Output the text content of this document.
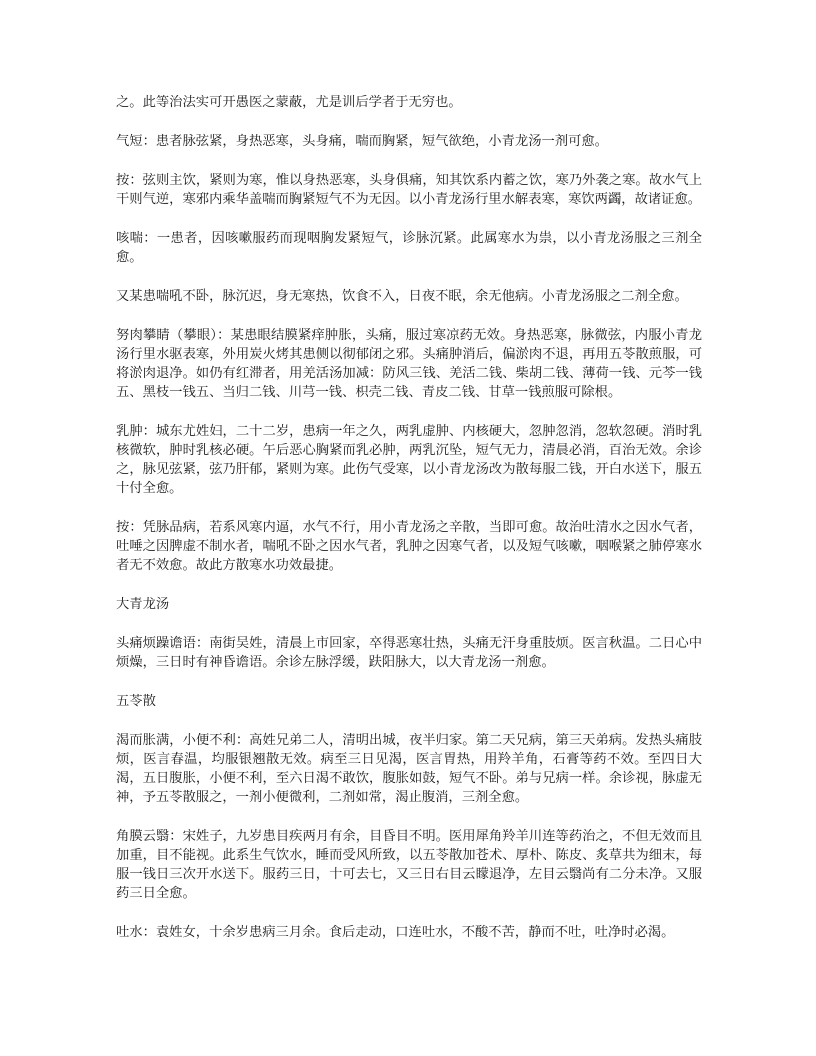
之。此等治法实可开愚医之蒙蔽，尤是训后学者于无穷也。

气短：患者脉弦紧，身热恶寒，头身痛，喘而胸紧，短气欲绝，小青龙汤一剂可愈。

按：弦则主饮，紧则为寒，惟以身热恶寒，头身俱痛，知其饮系内蓄之饮，寒乃外袭之寒。故水气上干则气逆，寒邪内乘华盖喘而胸紧短气不为无因。以小青龙汤行里水解表寒，寒饮两蠲，故诸证愈。

咳喘：一患者，因咳嗽服药而现咽胸发紧短气，诊脉沉紧。此属寒水为祟，以小青龙汤服之三剂全愈。

又某患喘吼不卧，脉沉迟，身无寒热，饮食不入，日夜不眠，余无他病。小青龙汤服之二剂全愈。

努肉攀睛（攀眼）：某患眼结膜紧痒肿胀，头痛，服过寒凉药无效。身热恶寒，脉微弦，内服小青龙汤行里水驱表寒，外用炭火烤其患侧以彻郁闭之邪。头痛肿消后，偏淤肉不退，再用五苓散煎服，可将淤肉退净。如仍有红滞者，用羌活汤加减：防风三钱、羌活二钱、柴胡二钱、薄荷一钱、元芩一钱五、黑枝一钱五、当归二钱、川芎一钱、枳壳二钱、青皮二钱、甘草一钱煎服可除根。

乳肿：城东尤姓妇，二十二岁，患病一年之久，两乳虚肿、内核硬大，忽肿忽消，忽软忽硬。消时乳核微软，肿时乳核必硬。午后恶心胸紧而乳必肿，两乳沉坠，短气无力，清晨必消，百治无效。余诊之，脉见弦紧，弦乃肝郁，紧则为寒。此伤气受寒，以小青龙汤改为散每服二钱，开白水送下，服五十付全愈。

按：凭脉品病，若系风寒内逼，水气不行，用小青龙汤之辛散，当即可愈。故治吐清水之因水气者，吐唾之因脾虚不制水者，喘吼不卧之因水气者，乳肿之因寒气者，以及短气咳嗽，咽喉紧之肺停寒水者无不效愈。故此方散寒水功效最捷。

大青龙汤

头痛烦躁谵语：南街吴姓，清晨上市回家，卒得恶寒壮热，头痛无汗身重肢烦。医言秋温。二日心中烦燥，三日时有神昏谵语。余诊左脉浮缓，趺阳脉大，以大青龙汤一剂愈。

五苓散

渴而胀满，小便不利：高姓兄弟二人，清明出城，夜半归家。第二天兄病，第三天弟病。发热头痛肢烦，医言春温，均服银翘散无效。病至三日见渴，医言胃热，用羚羊角，石膏等药不效。至四日大渴，五日腹胀，小便不利，至六日渴不敢饮，腹胀如鼓，短气不卧。弟与兄病一样。余诊视，脉虚无神，予五苓散服之，一剂小便微利，二剂如常，渴止腹消，三剂全愈。

角膜云翳：宋姓子，九岁患目疾两月有余，目昏目不明。医用犀角羚羊川连等药治之，不但无效而且加重，目不能视。此系生气饮水，睡而受风所致，以五苓散加苍术、厚朴、陈皮、炙草共为细末，每服一钱日三次开水送下。服药三日，十可去七，又三日右目云矇退净，左目云翳尚有二分未净。又服药三日全愈。

吐水：袁姓女，十余岁患病三月余。食后走动，口连吐水，不酸不苦，静而不吐，吐净时必渴。
